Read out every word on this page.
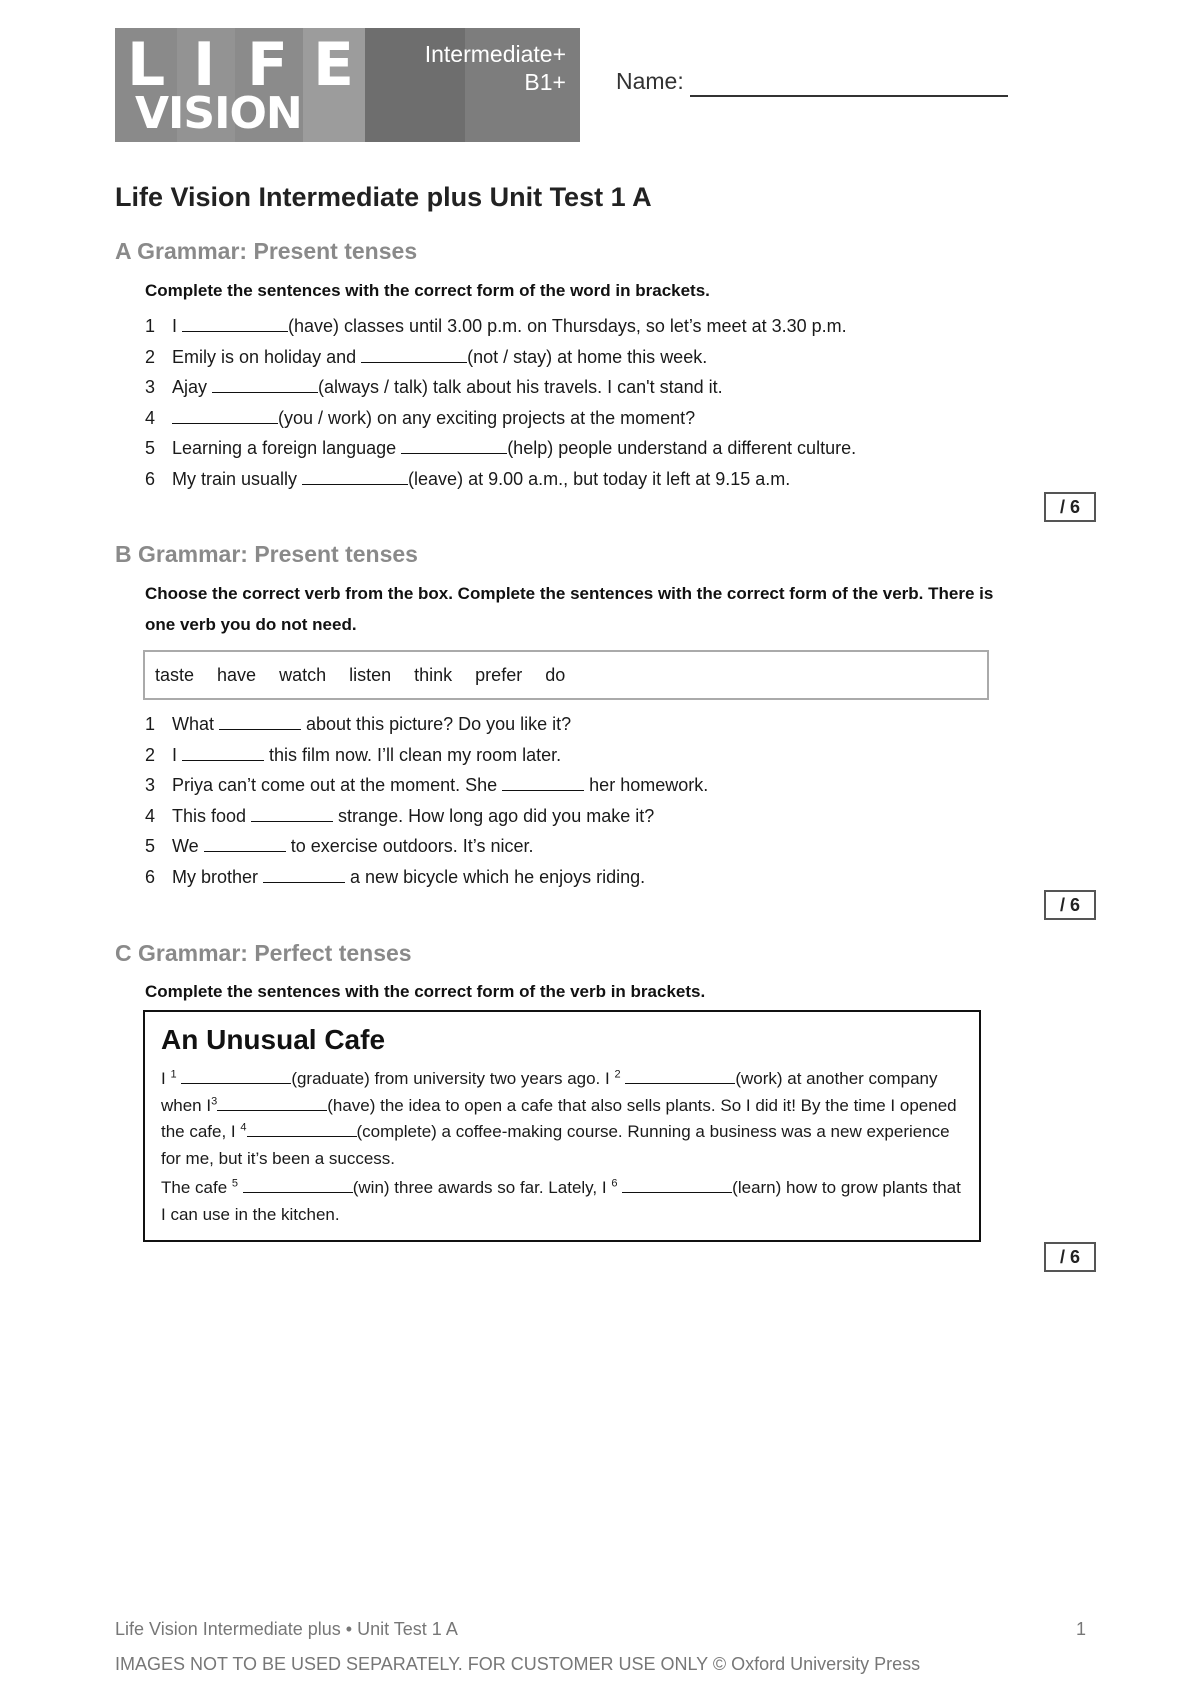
L I F E
VISION
Intermediate+
B1+ Name:
Life Vision Intermediate plus Unit Test 1 A
A Grammar: Present tenses
Complete the sentences with the correct form of the word in brackets.
1 I	(have) classes until 3.00 p.m. on Thursdays, so let’s meet at 3.30 p.m.
2 Emily is on holiday and	(not / stay) at home this week.
3 Ajay	(always / talk) talk about his travels. I can't stand it.
4	(you / work) on any exciting projects at the moment?
5 Learning a foreign language	(help) people understand a different culture.
6 My train usually	(leave) at 9.00 a.m., but today it left at 9.15 a.m.
/ 6
B Grammar: Present tenses
Choose the correct verb from the box. Complete the sentences with the correct form of the verb. There is one verb you do not need.
taste have watch listen think prefer do
1 What	about this picture? Do you like it?
2 I	this film now. I’ll clean my room later.
3 Priya can’t come out at the moment. She	her homework.
4 This food	strange. How long ago did you make it?
5 We	to exercise outdoors. It’s nicer.
6 My brother	a new bicycle which he enjoys riding.
/ 6
C Grammar: Perfect tenses
Complete the sentences with the correct form of the verb in brackets.
An Unusual Cafe

I $^1$	(graduate) from university two years ago. I $^2$	(work) at another company when $I^3$	(have) the idea to open a cafe that also sells plants. So I did it! By the time I opened the cafe, I $^4$	(complete) a coffee-making course. Running a business was a new experience for me, but it’s been a success.

The cafe $^5$	(win) three awards so far. Lately, I $^6$	(learn) how to grow plants that I can use in the kitchen.

/ 6
Life Vision Intermediate plus • Unit Test 1 A	1
IMAGES NOT TO BE USED SEPARATELY. FOR CUSTOMER USE ONLY © Oxford University Press
